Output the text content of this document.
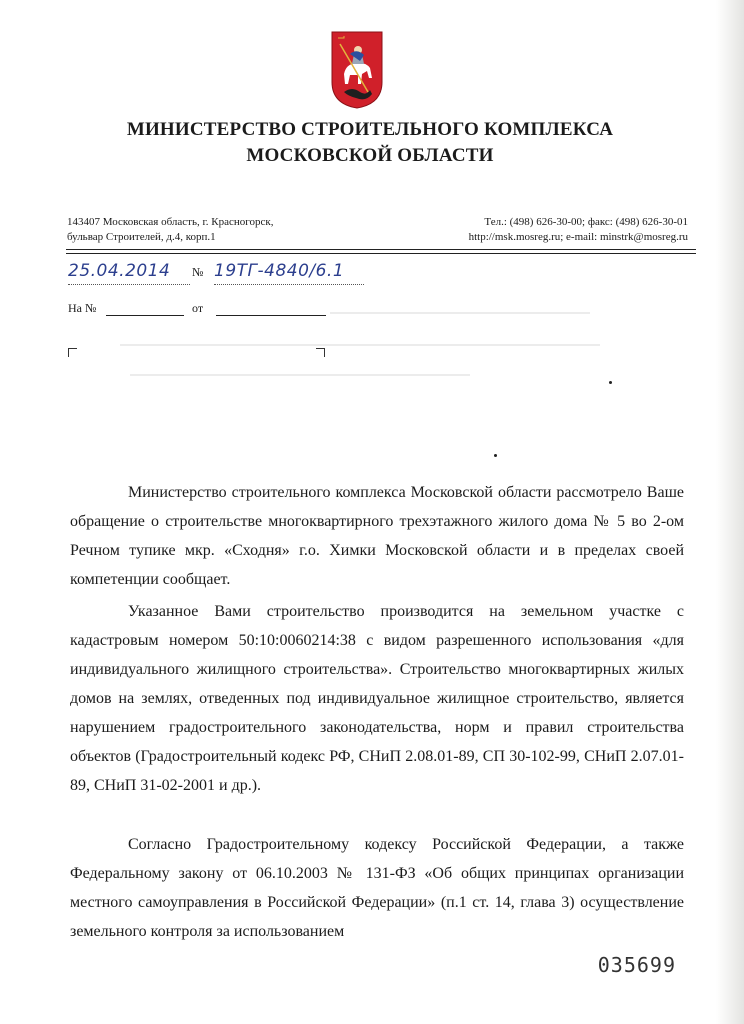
МИНИСТЕРСТВО СТРОИТЕЛЬНОГО КОМПЛЕКСА
МОСКОВСКОЙ ОБЛАСТИ
143407 Московская область, г. Красногорск,
бульвар Строителей, д.4, корп.1
Тел.: (498) 626-30-00; факс: (498) 626-30-01
http://msk.mosreg.ru; e-mail: minstrk@mosreg.ru
25.04.2014 № 19ТГ-4840/6.1
На №	от

Министерство строительного комплекса Московской области рассмотрело Ваше обращение о строительстве многоквартирного трехэтажного жилого дома № 5 во 2-ом Речном тупике мкр. «Сходня» г.о. Химки Московской области и в пределах своей компетенции сообщает.

Указанное Вами строительство производится на земельном участке с кадастровым номером 50:10:0060214:38 с видом разрешенного использования «для индивидуального жилищного строительства». Строительство многоквартирных жилых домов на землях, отведенных под индивидуальное жилищное строительство, является нарушением градостроительного законодательства, норм и правил строительства объектов (Градостроительный кодекс РФ, СНиП 2.08.01-89, СП 30-102-99, СНиП 2.07.01-89, СНиП 31-02-2001 и др.).

Согласно Градостроительному кодексу Российской Федерации, а также Федеральному закону от 06.10.2003 № 131-ФЗ «Об общих принципах организации местного самоуправления в Российской Федерации» (п.1 ст. 14, глава 3) осуществление земельного контроля за использованием

035699
